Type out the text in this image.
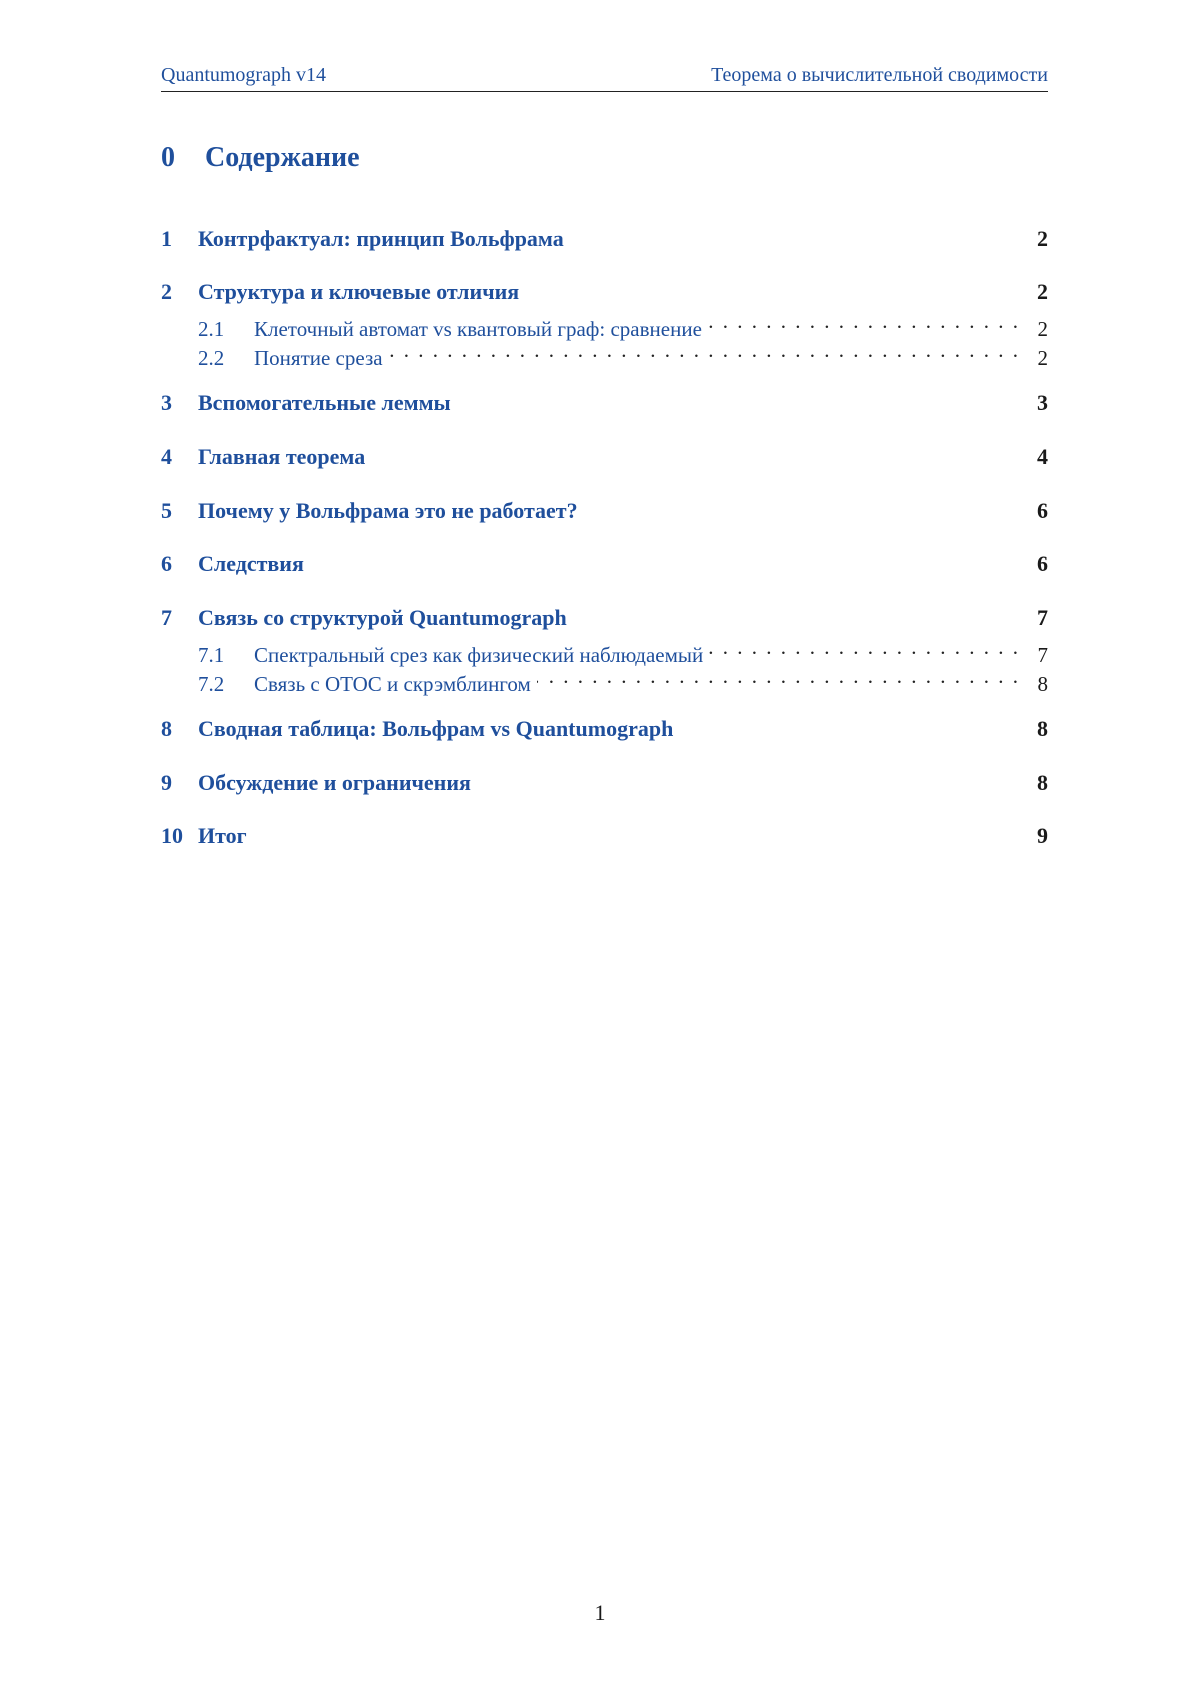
Quantumograph v14	Теорема о вычислительной сводимости
0 Содержание
1	Контрфактуал: принцип Вольфрама	2
2	Структура и ключевые отличия	2
2.1	Клеточный автомат vs квантовый граф: сравнение . . .	2
2.2	Понятие среза . . .	2
3	Вспомогательные леммы	3
4	Главная теорема	4
5	Почему у Вольфрама это не работает?	6
6	Следствия	6
7	Связь со структурой Quantumograph	7
7.1	Спектральный срез как физический наблюдаемый . . .	7
7.2	Связь с OTOC и скрэмблингом . . .	8
8	Сводная таблица: Вольфрам vs Quantumograph	8
9	Обсуждение и ограничения	8
10 Итог	9
1
